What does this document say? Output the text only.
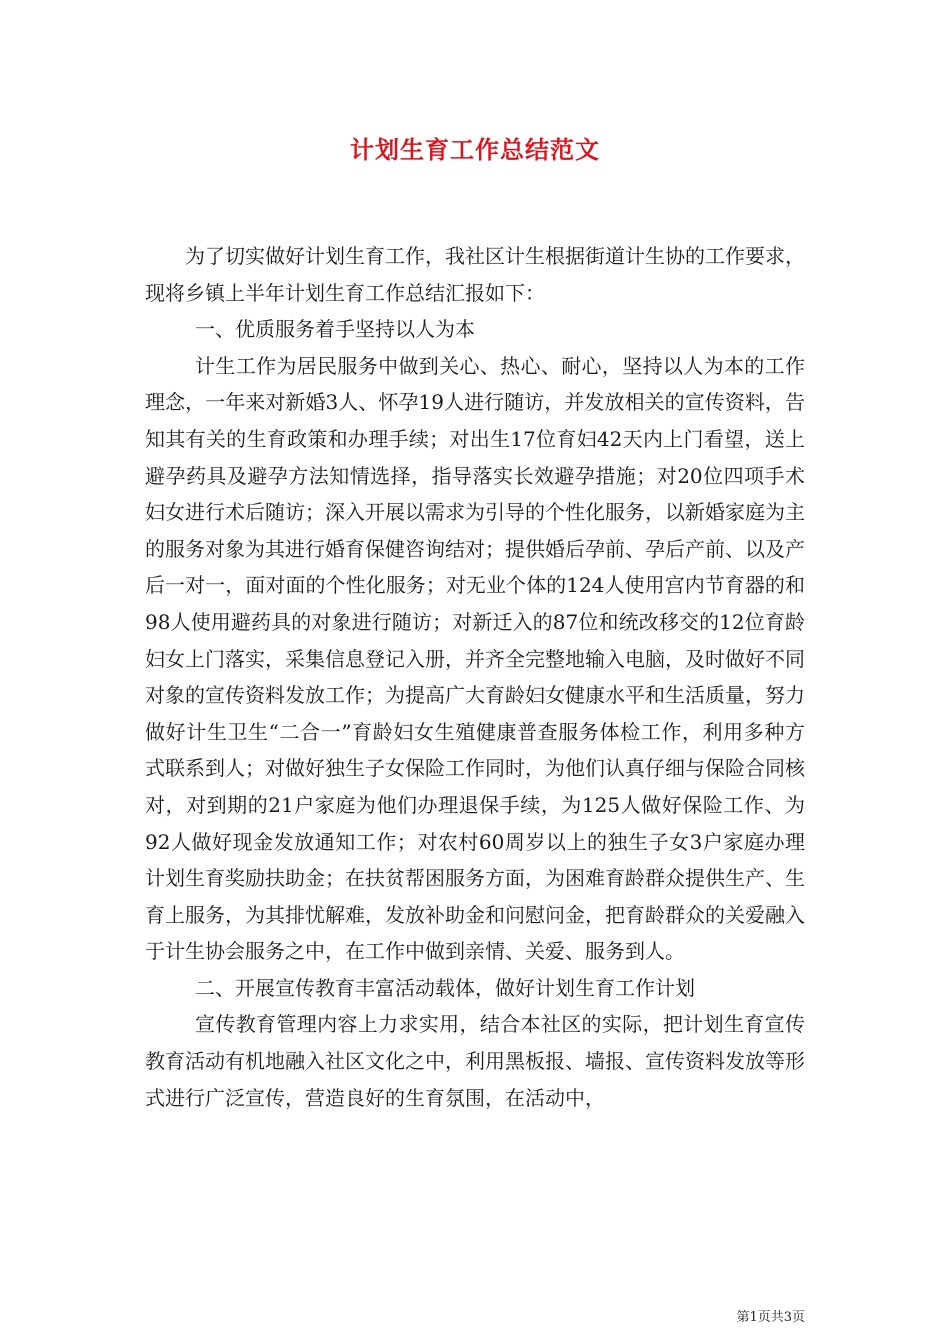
计划生育工作总结范文

为了切实做好计划生育工作，我社区计生根据街道计生协的工作要求，现将乡镇上半年计划生育工作总结汇报如下：

一、优质服务着手坚持以人为本

计生工作为居民服务中做到关心、热心、耐心，坚持以人为本的工作理念，一年来对新婚3人、怀孕19人进行随访，并发放相关的宣传资料，告知其有关的生育政策和办理手续；对出生17位育妇42天内上门看望，送上避孕药具及避孕方法知情选择，指导落实长效避孕措施；对20位四项手术妇女进行术后随访；深入开展以需求为引导的个性化服务，以新婚家庭为主的服务对象为其进行婚育保健咨询结对；提供婚后孕前、孕后产前、以及产后一对一，面对面的个性化服务；对无业个体的124人使用宫内节育器的和98人使用避药具的对象进行随访；对新迁入的87位和统改移交的12位育龄妇女上门落实，采集信息登记入册，并齐全完整地输入电脑，及时做好不同对象的宣传资料发放工作；为提高广大育龄妇女健康水平和生活质量，努力做好计生卫生“二合一”育龄妇女生殖健康普查服务体检工作，利用多种方式联系到人；对做好独生子女保险工作同时，为他们认真仔细与保险合同核对，对到期的21户家庭为他们办理退保手续，为125人做好保险工作、为92人做好现金发放通知工作；对农村60周岁以上的独生子女3户家庭办理计划生育奖励扶助金；在扶贫帮困服务方面，为困难育龄群众提供生产、生育上服务，为其排忧解难，发放补助金和问慰问金，把育龄群众的关爱融入于计生协会服务之中，在工作中做到亲情、关爱、服务到人。

二、开展宣传教育丰富活动载体，做好计划生育工作计划

宣传教育管理内容上力求实用，结合本社区的实际，把计划生育宣传教育活动有机地融入社区文化之中，利用黑板报、墙报、宣传资料发放等形式进行广泛宣传，营造良好的生育氛围，在活动中，

第1页共3页
